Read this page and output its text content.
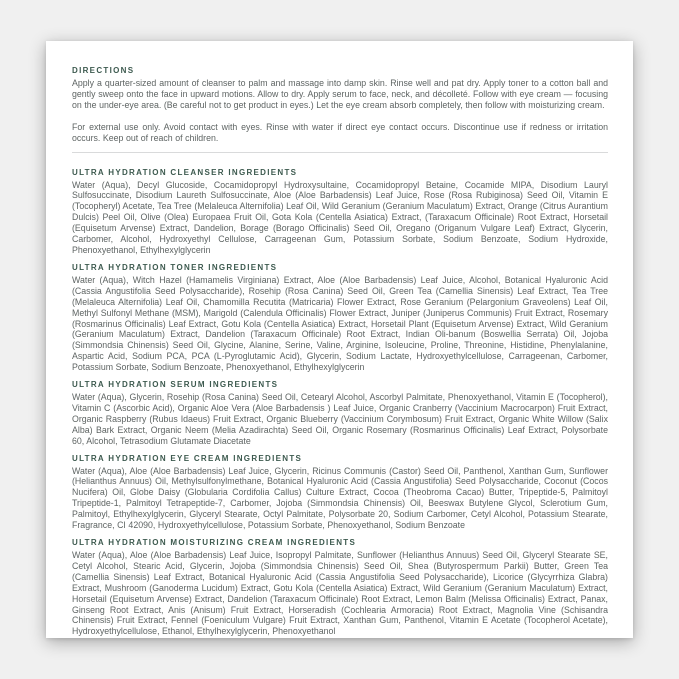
DIRECTIONS

Apply a quarter-sized amount of cleanser to palm and massage into damp skin. Rinse well and pat dry. Apply toner to a cotton ball and gently sweep onto the face in upward motions. Allow to dry. Apply serum to face, neck, and décolleté. Follow with eye cream — focusing on the under-eye area. (Be careful not to get product in eyes.) Let the eye cream absorb completely, then follow with moisturizing cream.

For external use only. Avoid contact with eyes. Rinse with water if direct eye contact occurs. Discontinue use if redness or irritation occurs. Keep out of reach of children.

ULTRA HYDRATION CLEANSER INGREDIENTS

Water (Aqua), Decyl Glucoside, Cocamidopropyl Hydroxysultaine, Cocamidopropyl Betaine, Cocamide MIPA, Disodium Lauryl Sulfosuccinate, Disodium Laureth Sulfosuccinate, Aloe (Aloe Barbadensis) Leaf Juice, Rose (Rosa Rubiginosa) Seed Oil, Vitamin E (Tocopheryl) Acetate, Tea Tree (Melaleuca Alternifolia) Leaf Oil, Wild Geranium (Geranium Maculatum) Extract, Orange (Citrus Aurantium Dulcis) Peel Oil, Olive (Olea) Europaea Fruit Oil, Gota Kola (Centella Asiatica) Extract, (Taraxacum Officinale) Root Extract, Horsetail (Equisetum Arvense) Extract, Dandelion, Borage (Borago Officinalis) Seed Oil, Oregano (Origanum Vulgare Leaf) Extract, Glycerin, Carbomer, Alcohol, Hydroxyethyl Cellulose, Carrageenan Gum, Potassium Sorbate, Sodium Benzoate, Sodium Hydroxide, Phenoxyethanol, Ethylhexylglycerin

ULTRA HYDRATION TONER INGREDIENTS

Water (Aqua), Witch Hazel (Hamamelis Virginiana) Extract, Aloe (Aloe Barbadensis) Leaf Juice, Alcohol, Botanical Hyaluronic Acid (Cassia Angustifolia Seed Polysaccharide), Rosehip (Rosa Canina) Seed Oil, Green Tea (Camellia Sinensis) Leaf Extract, Tea Tree (Melaleuca Alternifolia) Leaf Oil, Chamomilla Recutita (Matricaria) Flower Extract, Rose Geranium (Pelargonium Graveolens) Leaf Oil, Methyl Sulfonyl Methane (MSM), Marigold (Calendula Officinalis) Flower Extract, Juniper (Juniperus Communis) Fruit Extract, Rosemary (Rosmarinus Officinalis) Leaf Extract, Gotu Kola (Centella Asiatica) Extract, Horsetail Plant (Equisetum Arvense) Extract, Wild Geranium (Geranium Maculatum) Extract, Dandelion (Taraxacum Officinale) Root Extract, Indian Oli-banum (Boswellia Serrata) Oil, Jojoba (Simmondsia Chinensis) Seed Oil, Glycine, Alanine, Serine, Valine, Arginine, Isoleucine, Proline, Threonine, Histidine, Phenylalanine, Aspartic Acid, Sodium PCA, PCA (L-Pyroglutamic Acid), Glycerin, Sodium Lactate, Hydroxyethylcellulose, Carrageenan, Carbomer, Potassium Sorbate, Sodium Benzoate, Phenoxyethanol, Ethylhexylglycerin

ULTRA HYDRATION SERUM INGREDIENTS

Water (Aqua), Glycerin, Rosehip (Rosa Canina) Seed Oil, Cetearyl Alcohol, Ascorbyl Palmitate, Phenoxyethanol, Vitamin E (Tocopherol), Vitamin C (Ascorbic Acid), Organic Aloe Vera (Aloe Barbadensis ) Leaf Juice, Organic Cranberry (Vaccinium Macrocarpon) Fruit Extract, Organic Raspberry (Rubus Idaeus) Fruit Extract, Organic Blueberry (Vaccinium Corymbosum) Fruit Extract, Organic White Willow (Salix Alba) Bark Extract, Organic Neem (Melia Azadirachta) Seed Oil, Organic Rosemary (Rosmarinus Officinalis) Leaf Extract, Polysorbate 60, Alcohol, Tetrasodium Glutamate Diacetate

ULTRA HYDRATION EYE CREAM INGREDIENTS

Water (Aqua), Aloe (Aloe Barbadensis) Leaf Juice, Glycerin, Ricinus Communis (Castor) Seed Oil, Panthenol, Xanthan Gum, Sunflower (Helianthus Annuus) Oil, Methylsulfonylmethane, Botanical Hyaluronic Acid (Cassia Angustifolia) Seed Polysaccharide, Coconut (Cocos Nucifera) Oil, Globe Daisy (Globularia Cordifolia Callus) Culture Extract, Cocoa (Theobroma Cacao) Butter, Tripeptide-5, Palmitoyl Tripeptide-1, Palmitoyl Tetrapeptide-7, Carbomer, Jojoba (Simmondsia Chinensis) Oil, Beeswax Butylene Glycol, Sclerotium Gum, Palmitoyl, Ethylhexylglycerin, Glyceryl Stearate, Octyl Palmitate, Polysorbate 20, Sodium Carbomer, Cetyl Alcohol, Potassium Stearate, Fragrance, CI 42090, Hydroxyethylcellulose, Potassium Sorbate, Phenoxyethanol, Sodium Benzoate

ULTRA HYDRATION MOISTURIZING CREAM INGREDIENTS

Water (Aqua), Aloe (Aloe Barbadensis) Leaf Juice, Isopropyl Palmitate, Sunflower (Helianthus Annuus) Seed Oil, Glyceryl Stearate SE, Cetyl Alcohol, Stearic Acid, Glycerin, Jojoba (Simmondsia Chinensis) Seed Oil, Shea (Butyrospermum Parkii) Butter, Green Tea (Camellia Sinensis) Leaf Extract, Botanical Hyaluronic Acid (Cassia Angustifolia Seed Polysaccharide), Licorice (Glycyrrhiza Glabra) Extract, Mushroom (Ganoderma Lucidum) Extract, Gotu Kola (Centella Asiatica) Extract, Wild Geranium (Geranium Maculatum) Extract, Horsetail (Equisetum Arvense) Extract, Dandelion (Taraxacum Officinale) Root Extract, Lemon Balm (Melissa Officinalis) Extract, Panax, Ginseng Root Extract, Anis (Anisum) Fruit Extract, Horseradish (Cochlearia Armoracia) Root Extract, Magnolia Vine (Schisandra Chinensis) Fruit Extract, Fennel (Foeniculum Vulgare) Fruit Extract, Xanthan Gum, Panthenol, Vitamin E Acetate (Tocopherol Acetate), Hydroxyethylcellulose, Ethanol, Ethylhexylglycerin, Phenoxyethanol
